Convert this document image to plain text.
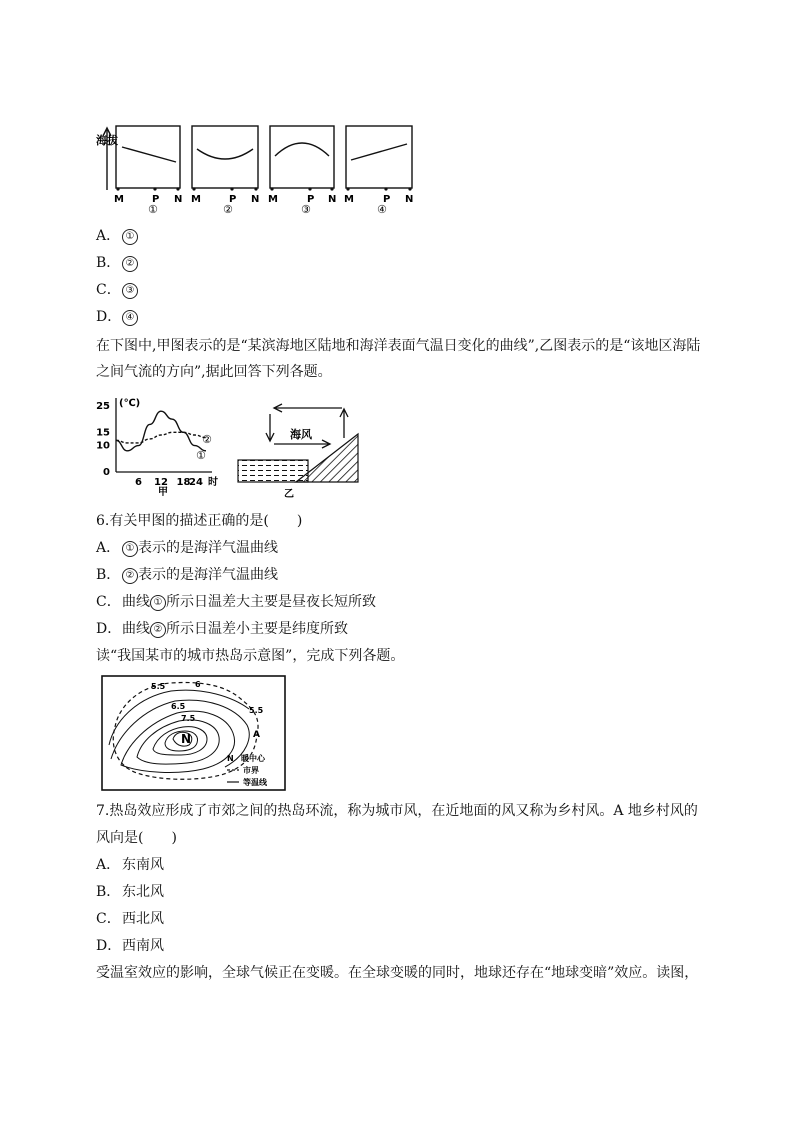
海拔
M	P N M	P N M	P N M	P N
①	②	③	④
A． ①
B． ②
C． ③
D． ④
在下图中,甲图表示的是“某滨海地区陆地和海洋表面气温日变化的曲线”,乙图表示的是“该地区海陆之间气流的方向”,据此回答下列各题。
(℃)
25
15
10
0
6 12 18
24 时
②
①
甲
海风
乙
6.有关甲图的描述正确的是(　　)
A． ① 表示的是海洋气温曲线
B． ② 表示的是海洋气温曲线
C．曲线 ① 所示日温差大主要是昼夜长短所致
D．曲线 ② 所示日温差小主要是纬度所致
读“我国某市的城市热岛示意图”，完成下列各题。
N
5.5	6
6.5	5.5
7.5
A
N 暖中心
市界
等温线
7.热岛效应形成了市郊之间的热岛环流，称为城市风，在近地面的风又称为乡村风。A 地乡村风的
风向是(　　)
A． 东南风
B． 东北风
C．西北风
D．西南风
受温室效应的影响，全球气候正在变暖。在全球变暖的同时，地球还存在“地球变暗”效应。读图，
